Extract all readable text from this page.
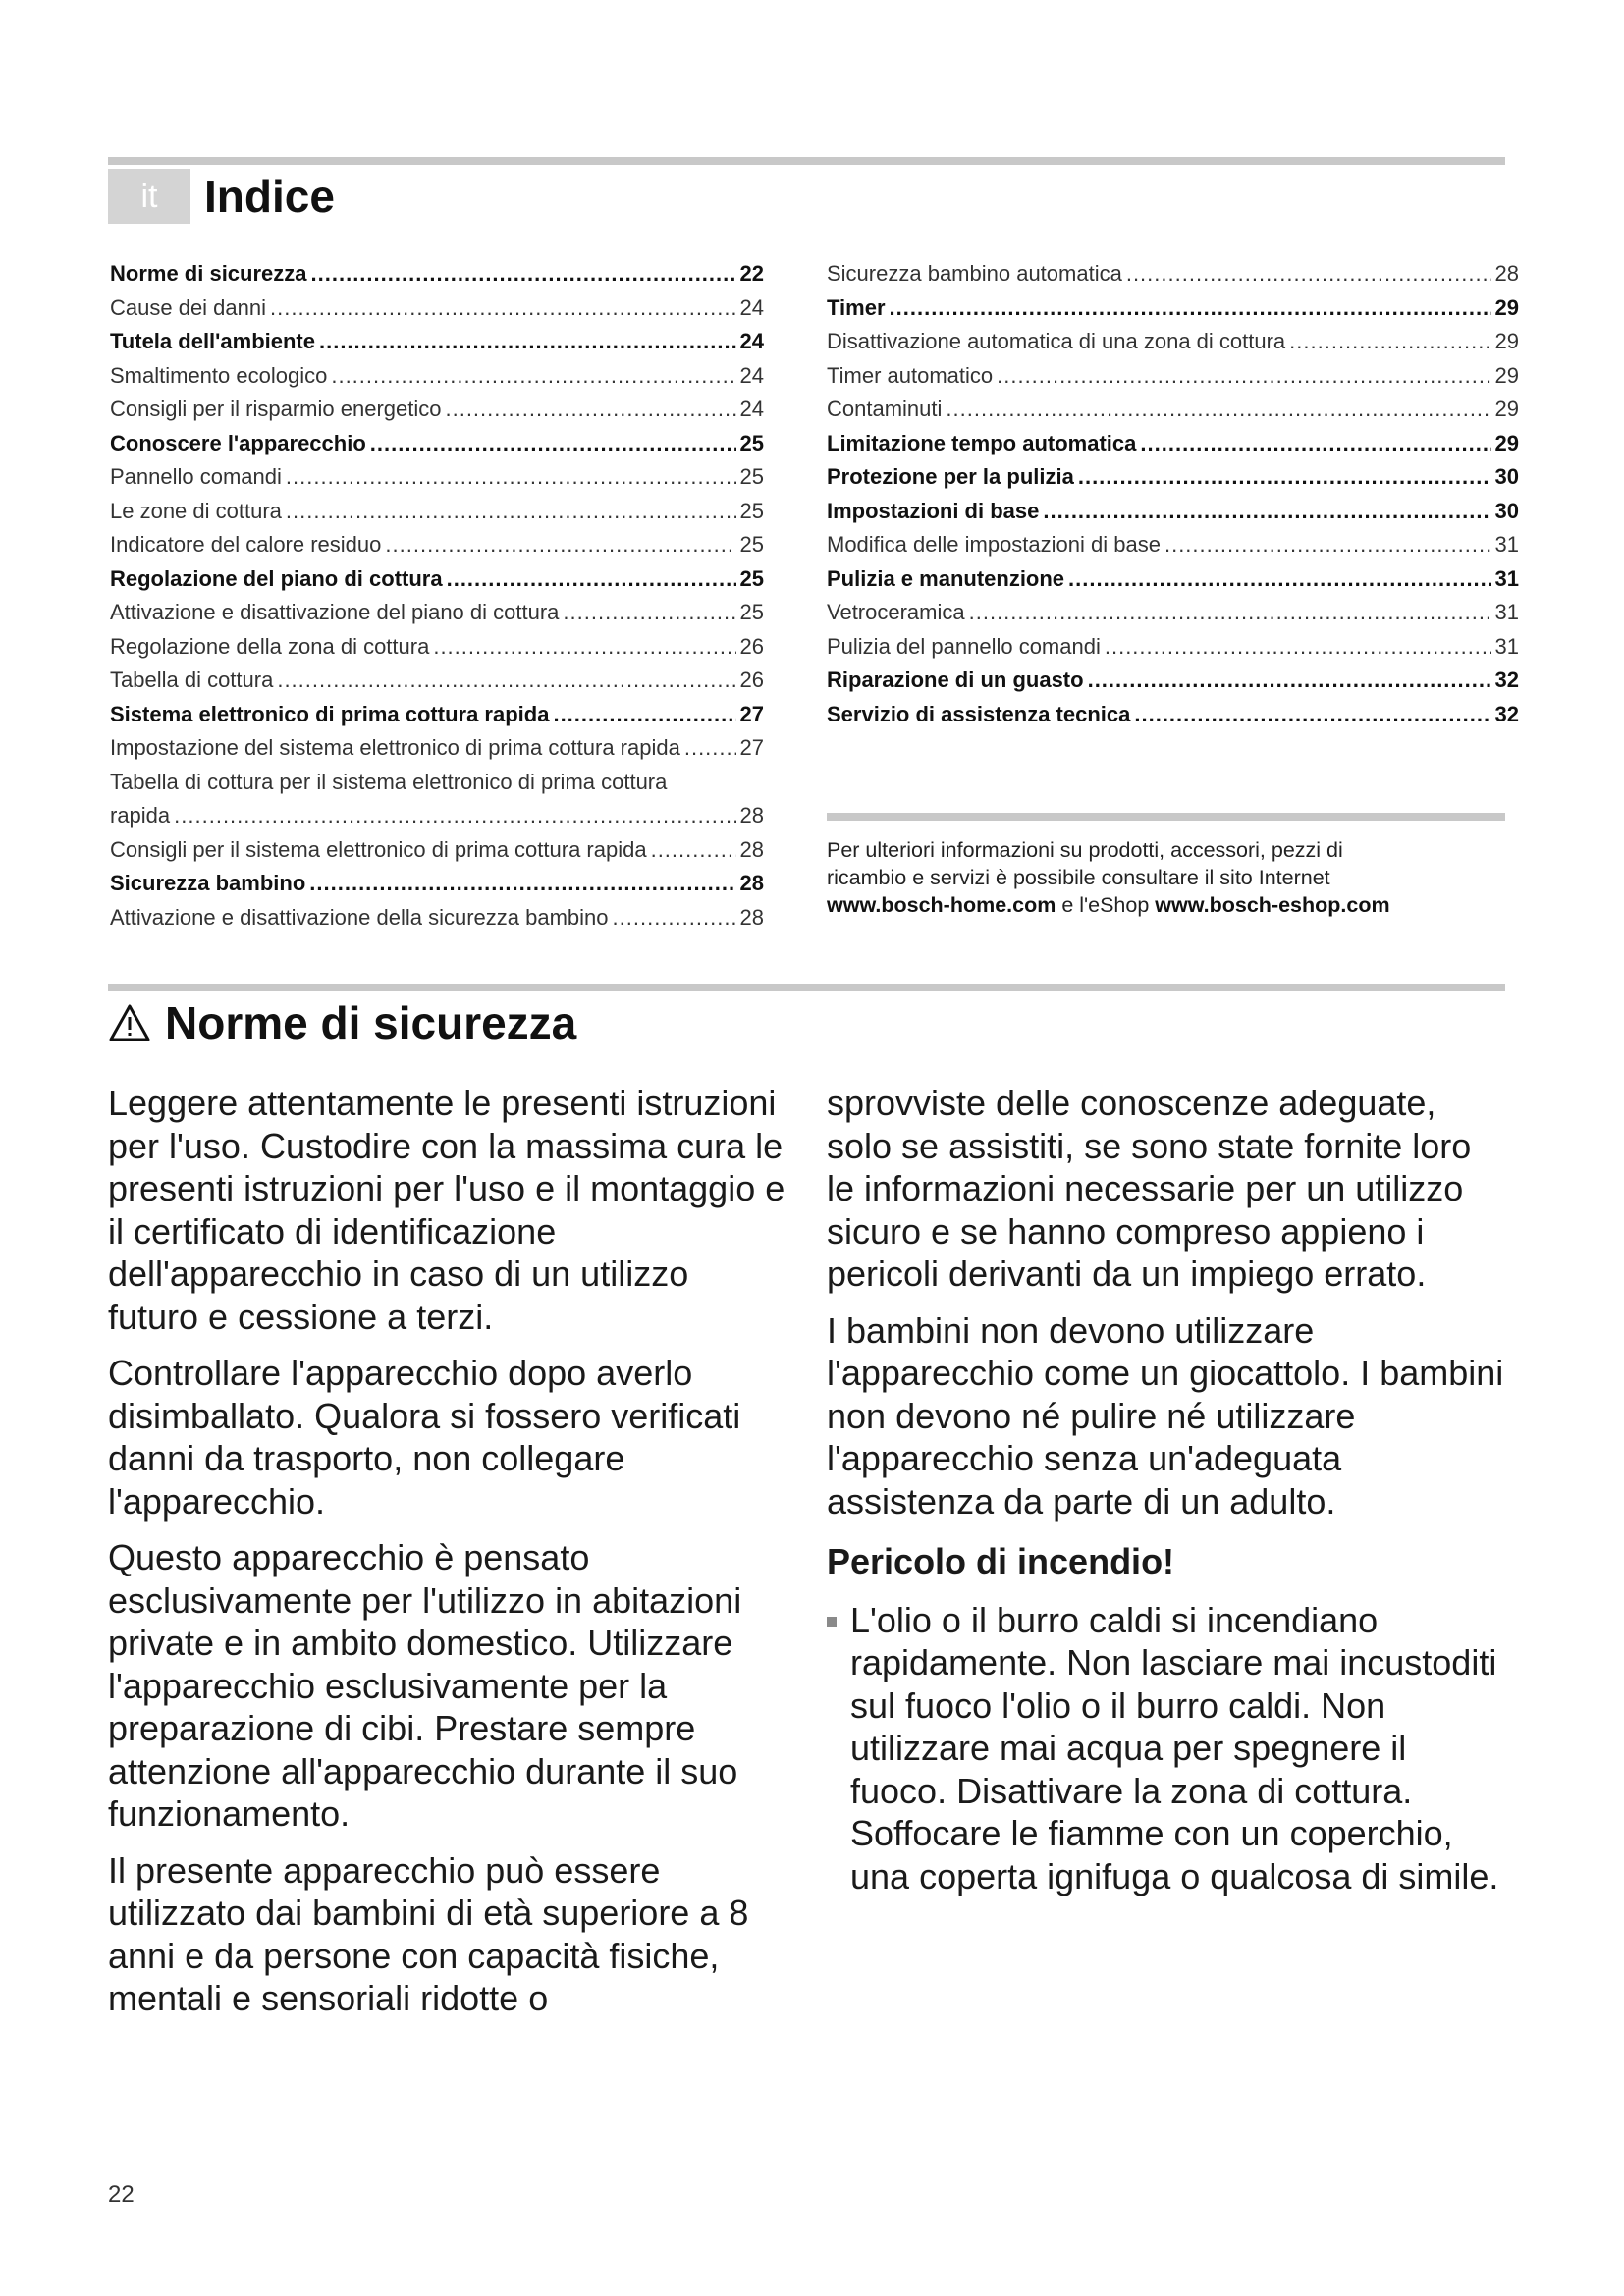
it	Indice
Norme di sicurezza .....	22
Cause dei danni .....	24
Tutela dell'ambiente .....	24
Smaltimento ecologico .....	24
Consigli per il risparmio energetico .....	24
Conoscere l'apparecchio .....	25
Pannello comandi .....	25
Le zone di cottura .....	25
Indicatore del calore residuo .....	25
Regolazione del piano di cottura .....	25
Attivazione e disattivazione del piano di cottura .....	25
Regolazione della zona di cottura .....	26
Tabella di cottura .....	26
Sistema elettronico di prima cottura rapida .....	27
Impostazione del sistema elettronico di prima cottura rapida .....	27
Tabella di cottura per il sistema elettronico di prima cottura
rapida .....	28
Consigli per il sistema elettronico di prima cottura rapida .....	28
Sicurezza bambino .....	28
Attivazione e disattivazione della sicurezza bambino .....	28
Sicurezza bambino automatica .....	28
Timer .....	29
Disattivazione automatica di una zona di cottura .....	29
Timer automatico .....	29
Contaminuti .....	29
Limitazione tempo automatica .....	29
Protezione per la pulizia .....	30
Impostazioni di base .....	30
Modifica delle impostazioni di base .....	31
Pulizia e manutenzione .....	31
Vetroceramica .....	31
Pulizia del pannello comandi .....	31
Riparazione di un guasto .....	32
Servizio di assistenza tecnica .....	32
Per ulteriori informazioni su prodotti, accessori, pezzi di
ricambio e servizi è possibile consultare il sito Internet
www.bosch-home.com e l'eShop www.bosch-eshop.com
Norme di sicurezza

Leggere attentamente le presenti istruzioni per l'uso. Custodire con la massima cura le presenti istruzioni per l'uso e il montaggio e il certificato di identificazione dell'apparecchio in caso di un utilizzo futuro e cessione a terzi.

Controllare l'apparecchio dopo averlo disimballato. Qualora si fossero verificati danni da trasporto, non collegare l'apparecchio.

Questo apparecchio è pensato esclusivamente per l'utilizzo in abitazioni private e in ambito domestico. Utilizzare l'apparecchio esclusivamente per la preparazione di cibi. Prestare sempre attenzione all'apparecchio durante il suo funzionamento.

Il presente apparecchio può essere utilizzato dai bambini di età superiore a 8 anni e da persone con capacità fisiche, mentali e sensoriali ridotte o

sprovviste delle conoscenze adeguate, solo se assistiti, se sono state fornite loro le informazioni necessarie per un utilizzo sicuro e se hanno compreso appieno i pericoli derivanti da un impiego errato.

I bambini non devono utilizzare l'apparecchio come un giocattolo. I bambini non devono né pulire né utilizzare l'apparecchio senza un'adeguata assistenza da parte di un adulto.

Pericolo di incendio!
L'olio o il burro caldi si incendiano rapidamente. Non lasciare mai incustoditi sul fuoco l'olio o il burro caldi. Non utilizzare mai acqua per spegnere il fuoco. Disattivare la zona di cottura. Soffocare le fiamme con un coperchio, una coperta ignifuga o qualcosa di simile.
22
